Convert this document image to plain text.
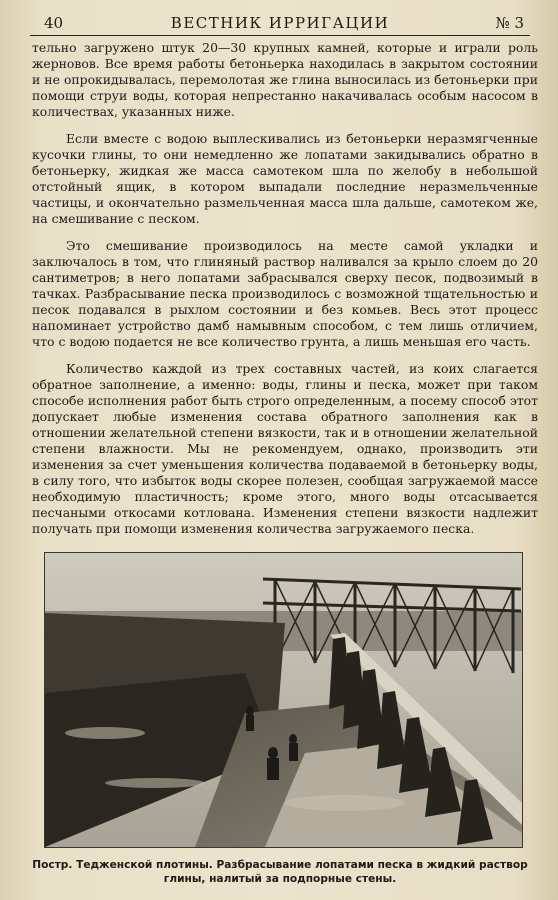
40	ВЕСТНИК ИРРИГАЦИИ	№ 3

тельно загружено штук 20—30 крупных камней, которые и играли роль жерновов. Все время работы бетоньерка находилась в закрытом состоянии и не опрокидывалась, перемолотая же глина выносилась из бетоньерки при помощи струи воды, которая непрестанно накачивалась особым насосом в количествах, указанных ниже.

Если вместе с водою выплескивались из бетоньерки неразмягченные кусочки глины, то они немедленно же лопатами закидывались обратно в бетоньерку, жидкая же масса самотеком шла по желобу в небольшой отстойный ящик, в котором выпадали последние неразмельченные частицы, и окончательно размельченная масса шла дальше, самотеком же, на смешивание с песком.

Это смешивание производилось на месте самой укладки и заключалось в том, что глиняный раствор наливался за крыло слоем до 20 сантиметров; в него лопатами забрасывался сверху песок, подвозимый в тачках. Разбрасывание песка производилось с возможной тщательностью и песок подавался в рыхлом состоянии и без комьев. Весь этот процесс напоминает устройство дамб намывным способом, с тем лишь отличием, что с водою подается не все количество грунта, а лишь меньшая его часть.

Количество каждой из трех составных частей, из коих слагается обратное заполнение, а именно: воды, глины и песка, может при таком способе исполнения работ быть строго определенным, а посему способ этот допускает любые изменения состава обратного заполнения как в отношении желательной степени вязкости, так и в отношении желательной степени влажности. Мы не рекомендуем, однако, производить эти изменения за счет уменьшения количества подаваемой в бетоньерку воды, в силу того, что избыток воды скорее полезен, сообщая загружаемой массе необходимую пластичность; кроме этого, много воды отсасывается песчаными откосами котлована. Изменения степени вязкости надлежит получать при помощи изменения количества загружаемого песка.

Постр. Тедженской плотины. Разбрасывание лопатами песка в жидкий раствор глины, налитый за подпорные стены.
